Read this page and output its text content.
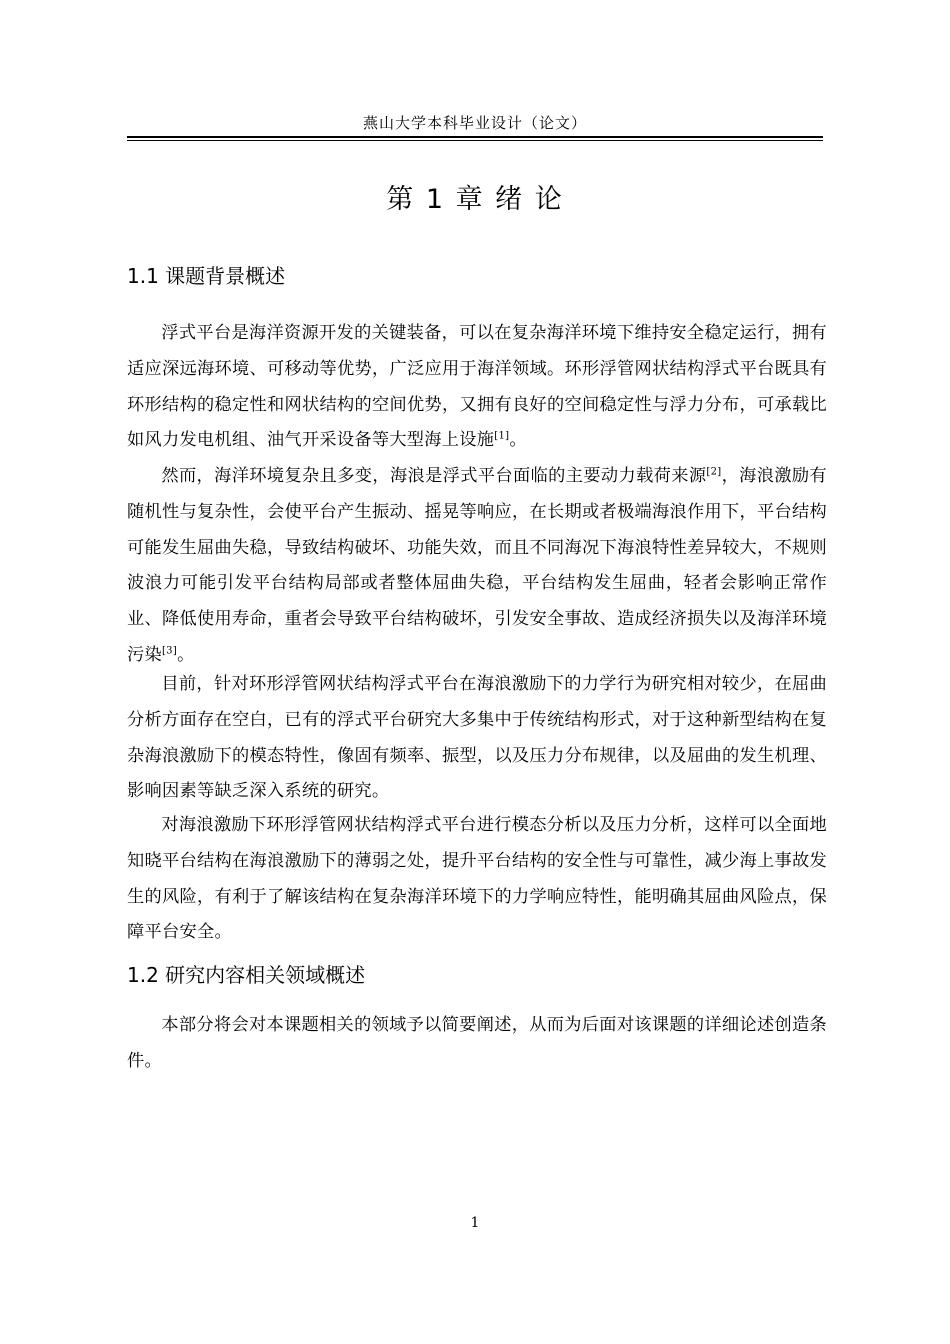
燕山大学本科毕业设计（论文）
第 1 章 绪 论
1.1 课题背景概述

浮式平台是海洋资源开发的关键装备，可以在复杂海洋环境下维持安全稳定运行，拥有适应深远海环境、可移动等优势，广泛应用于海洋领域。环形浮管网状结构浮式平台既具有环形结构的稳定性和网状结构的空间优势，又拥有良好的空间稳定性与浮力分布，可承载比如风力发电机组、油气开采设备等大型海上设施[1]。

然而，海洋环境复杂且多变，海浪是浮式平台面临的主要动力载荷来源[2]，海浪激励有随机性与复杂性，会使平台产生振动、摇晃等响应，在长期或者极端海浪作用下，平台结构可能发生屈曲失稳，导致结构破坏、功能失效，而且不同海况下海浪特性差异较大，不规则波浪力可能引发平台结构局部或者整体屈曲失稳，平台结构发生屈曲，轻者会影响正常作业、降低使用寿命，重者会导致平台结构破坏，引发安全事故、造成经济损失以及海洋环境污染[3]。

目前，针对环形浮管网状结构浮式平台在海浪激励下的力学行为研究相对较少，在屈曲分析方面存在空白，已有的浮式平台研究大多集中于传统结构形式，对于这种新型结构在复杂海浪激励下的模态特性，像固有频率、振型，以及压力分布规律，以及屈曲的发生机理、影响因素等缺乏深入系统的研究。

对海浪激励下环形浮管网状结构浮式平台进行模态分析以及压力分析，这样可以全面地知晓平台结构在海浪激励下的薄弱之处，提升平台结构的安全性与可靠性，减少海上事故发生的风险，有利于了解该结构在复杂海洋环境下的力学响应特性，能明确其屈曲风险点，保障平台安全。

1.2 研究内容相关领域概述

本部分将会对本课题相关的领域予以简要阐述，从而为后面对该课题的详细论述创造条件。

1
